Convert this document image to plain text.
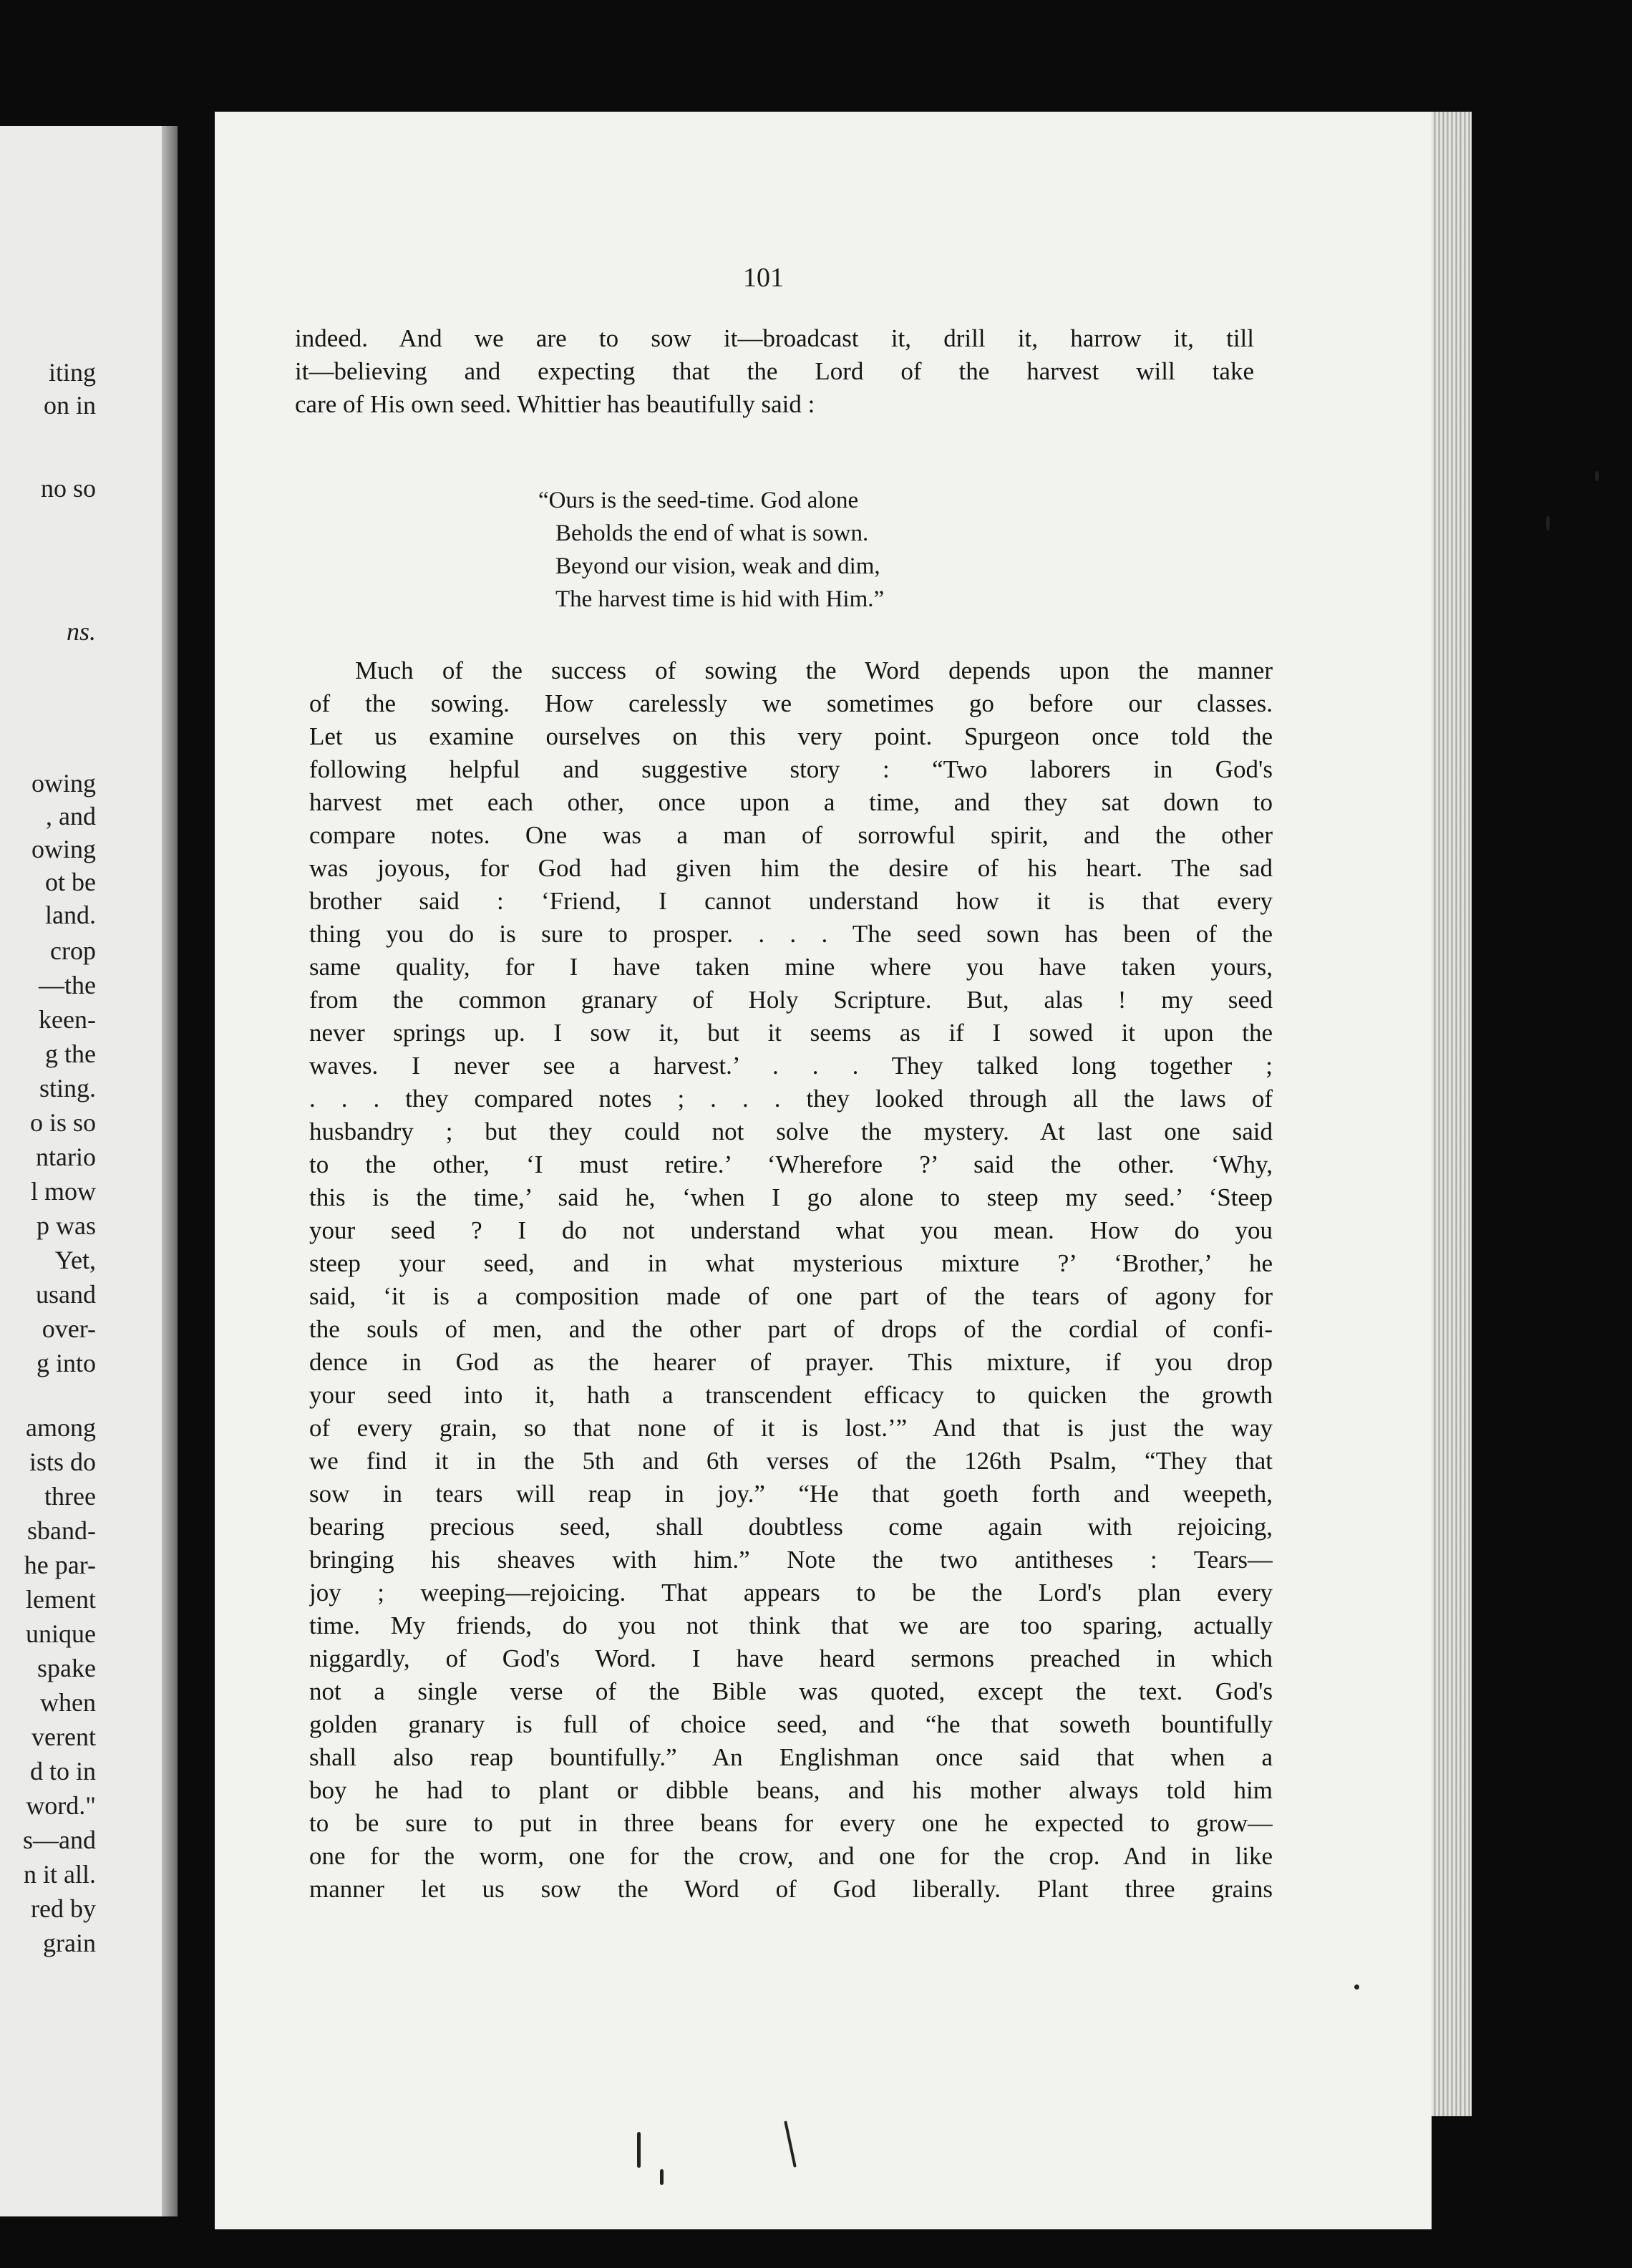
iting
on in
no so
ns.
owing
, and
owing
ot be
land.
crop
—the
keen-
g the
sting.
o is so
ntario
l mow
p was
Yet,
usand
over-
g into
among
ists do
three
sband-
he par-
lement
unique
spake
when
verent
d to in
word."
s—and
n it all.
red by
grain
101
indeed. And we are to sow it—broadcast it, drill it, harrow it, till
it—believing and expecting that the Lord of the harvest will take
care of His own seed. Whittier has beautifully said :
“Ours is the seed-time. God alone
Beholds the end of what is sown.
Beyond our vision, weak and dim,
The harvest time is hid with Him.”
Much of the success of sowing the Word depends upon the manner
of the sowing. How carelessly we sometimes go before our classes.
Let us examine ourselves on this very point. Spurgeon once told the
following helpful and suggestive story : “Two laborers in God's
harvest met each other, once upon a time, and they sat down to
compare notes. One was a man of sorrowful spirit, and the other
was joyous, for God had given him the desire of his heart. The sad
brother said : ‘Friend, I cannot understand how it is that every
thing you do is sure to prosper. . . . The seed sown has been of the
same quality, for I have taken mine where you have taken yours,
from the common granary of Holy Scripture. But, alas ! my seed
never springs up. I sow it, but it seems as if I sowed it upon the
waves. I never see a harvest.’ . . . They talked long together ;
. . . they compared notes ; . . . they looked through all the laws of
husbandry ; but they could not solve the mystery. At last one said
to the other, ‘I must retire.’ ‘Wherefore ?’ said the other. ‘Why,
this is the time,’ said he, ‘when I go alone to steep my seed.’ ‘Steep
your seed ? I do not understand what you mean. How do you
steep your seed, and in what mysterious mixture ?’ ‘Brother,’ he
said, ‘it is a composition made of one part of the tears of agony for
the souls of men, and the other part of drops of the cordial of confi-
dence in God as the hearer of prayer. This mixture, if you drop
your seed into it, hath a transcendent efficacy to quicken the growth
of every grain, so that none of it is lost.’” And that is just the way
we find it in the 5th and 6th verses of the 126th Psalm, “They that
sow in tears will reap in joy.” “He that goeth forth and weepeth,
bearing precious seed, shall doubtless come again with rejoicing,
bringing his sheaves with him.” Note the two antitheses : Tears—
joy ; weeping—rejoicing. That appears to be the Lord's plan every
time. My friends, do you not think that we are too sparing, actually
niggardly, of God's Word. I have heard sermons preached in which
not a single verse of the Bible was quoted, except the text. God's
golden granary is full of choice seed, and “he that soweth bountifully
shall also reap bountifully.” An Englishman once said that when a
boy he had to plant or dibble beans, and his mother always told him
to be sure to put in three beans for every one he expected to grow—
one for the worm, one for the crow, and one for the crop. And in like
manner let us sow the Word of God liberally. Plant three grains
